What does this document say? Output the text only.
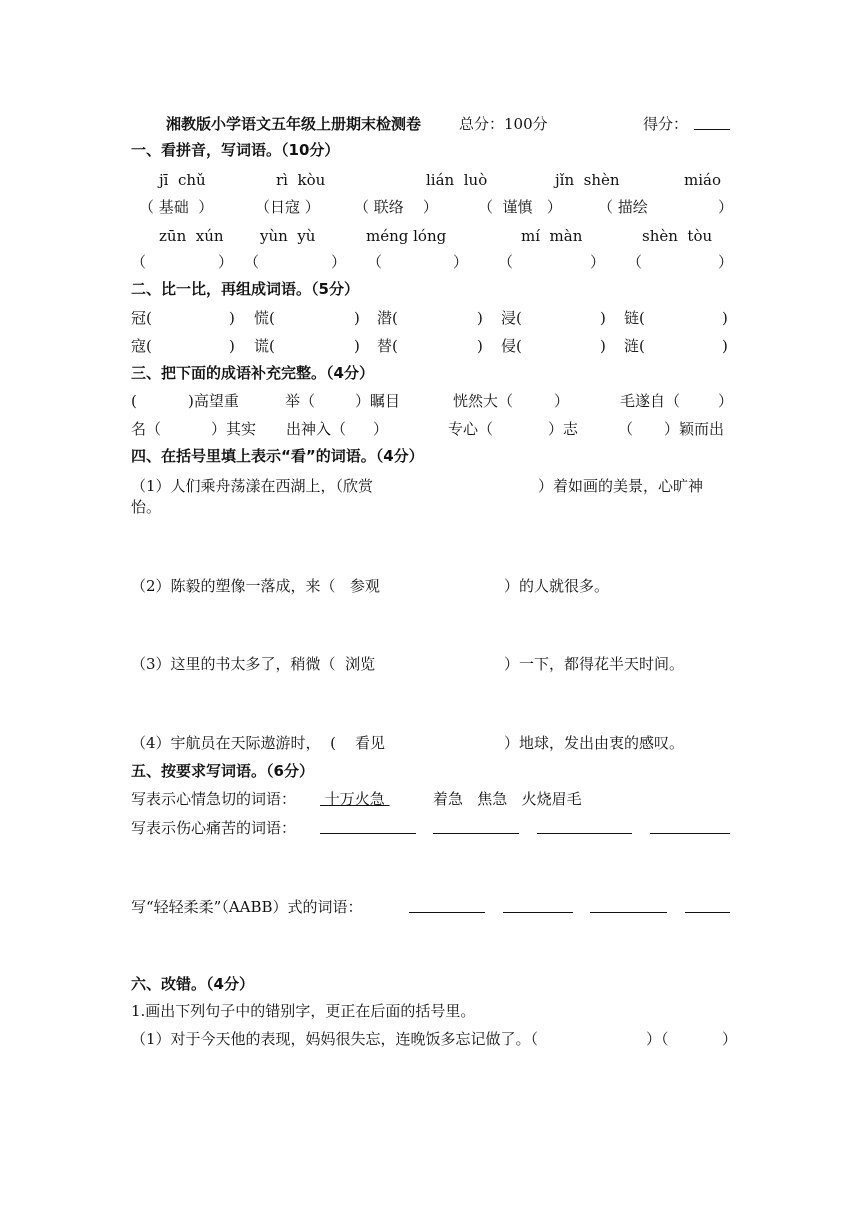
湘教版小学语文五年级上册期末检测卷	总分：100分	得分：
一、看拼音，写词语。（10分）
jī  chǔ	rì  kòu	lián  luò	jǐn  shèn	miáo
（ 基础  ）	（日寇 ） （ 联络    ）	（  谨慎   ） （ 描绘	）
zūn  xún yùn  yù	méng lóng	mí  màn	shèn  tòu
（	） （	） （	） （	） （	）
二、比一比，再组成词语。（5分）
冠(	) 慌(	) 潜(	) 浸(	) 链(	)
寇(	) 谎(	) 替(	) 侵(	) 涟(	)
三、把下面的成语补充完整。（4分）
(	)高望重	举（	）瞩目	恍然大（	）	毛遂自（	）
名（	）其实 出神入（ ）	专心（	）志	（ ）颖而出
四、在括号里填上表示“看”的词语。（4分）
（1）人们乘舟荡漾在西湖上，（欣赏	）着如画的美景，心旷神
怡。
（2）陈毅的塑像一落成，来（   参观	）的人就很多。
（3）这里的书太多了，稍微（  浏览	）一下，都得花半天时间。
（4）宇航员在天际遨游时，  (    看见	）地球，发出由衷的感叹。
五、按要求写词语。（6分）
写表示心情急切的词语： 十万火急	着急   焦急   火烧眉毛
写表示伤心痛苦的词语：
写“轻轻柔柔”（AABB）式的词语：
六、改错。（4分）
1.画出下列句子中的错别字，更正在后面的括号里。
（1）对于今天他的表现，妈妈很失忘，连晚饭多忘记做了。（	）（	）
